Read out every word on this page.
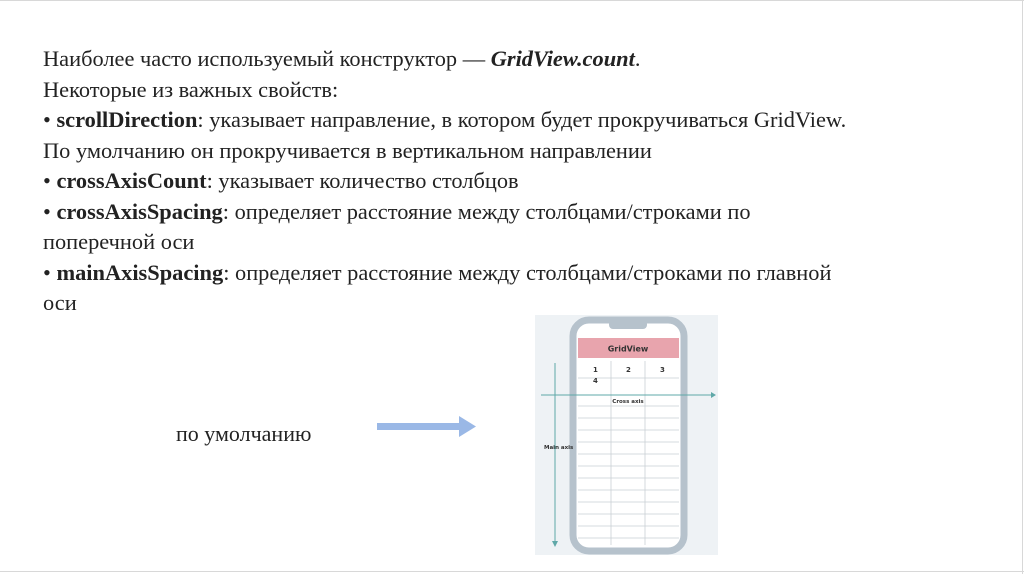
Наиболее часто используемый конструктор — GridView.count.
Некоторые из важных свойств:
• scrollDirection: указывает направление, в котором будет прокручиваться GridView.
По умолчанию он прокручивается в вертикальном направлении
• crossAxisCount: указывает количество столбцов
• crossAxisSpacing: определяет расстояние между столбцами/строками по
поперечной оси
• mainAxisSpacing: определяет расстояние между столбцами/строками по главной
оси
по умолчанию
GridView
1	2	3
4
Cross axis
Main axis
